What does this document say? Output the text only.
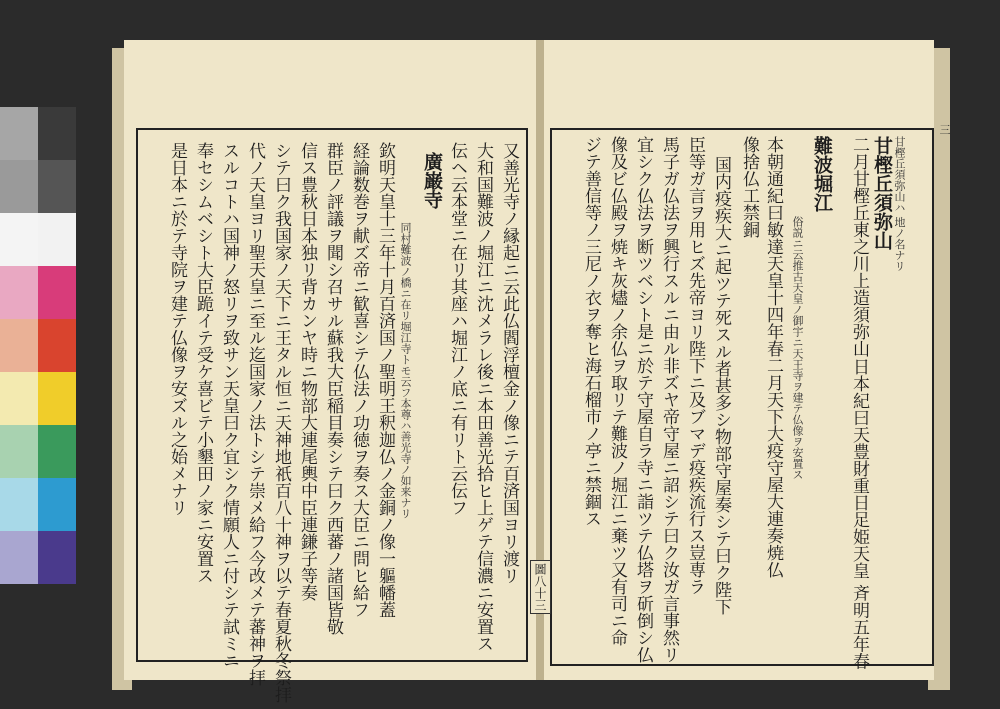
甘樫丘須弥山ハ 地ノ名ナリ
甘樫丘須弥山
二月甘樫丘東之川上造須弥山
日本紀曰天豊財重日足姫天皇 斉明五年春
難波堀江
俗説ニ云推古天皇ノ御宇ニ天王寺ヲ建テ仏像ヲ安置ス
本朝通紀曰敏達天皇十四年春二月天下大疫守屋大連奏焼仏
像捨仏工禁銅
国内疫疾大ニ起ツテ死スル者甚多シ物部守屋奏シテ曰ク陛下
臣等ガ言ヲ用ヒズ先帝ヨリ陛下ニ及ブマデ疫疾流行ス豈専ラ
馬子ガ仏法ヲ興行スルニ由ル非ズヤ帝守屋ニ詔シテ曰ク汝ガ言事然リ
宜シク仏法ヲ断ツベシト是ニ於テ守屋自ラ寺ニ詣ツテ仏塔ヲ斫倒シ仏
像及ビ仏殿ヲ焼キ灰燼ノ余仏ヲ取リテ難波ノ堀江ニ棄ツ又有司ニ命
ジテ善信等ノ三尼ノ衣ヲ奪ヒ海石榴市ノ亭ニ禁錮ス
圖八十三
三
又善光寺ノ縁起ニ云此仏閻浮檀金ノ像ニテ百済国ヨリ渡リ
大和国難波ノ堀江ニ沈メラレ後ニ本田善光拾ヒ上ゲテ信濃ニ安置ス
伝ヘ云本堂ニ在リ其座ハ堀江ノ底ニ有リト云伝フ
廣巌寺
同村難波ノ橋ニ在リ堀江寺トモ云フ本尊ハ善光寺ノ如来ナリ
欽明天皇十三年十月百済国ノ聖明王釈迦仏ノ金銅ノ像一軀幡蓋
経論数巻ヲ献ズ帝ニ歓喜シテ仏法ノ功徳ヲ奏ス大臣ニ問ヒ給フ
群臣ノ評議ヲ聞シ召サル蘇我大臣稲目奏シテ曰ク西蕃ノ諸国皆敬
信ス豊秋日本独リ背カンヤ時ニ物部大連尾輿中臣連鎌子等奏
シテ曰ク我国家ノ天下ニ王タル恒ニ天神地祇百八十神ヲ以テ春夏秋冬祭拝
代ノ天皇ヨリ聖天皇ニ至ル迄国家ノ法トシテ崇メ給フ今改メテ蕃神ヲ拝
スルコトハ国神ノ怒リヲ致サン天皇曰ク宜シク情願人ニ付シテ試ミニ
奉セシムベシト大臣跪イテ受ケ喜ビテ小墾田ノ家ニ安置ス
是日本ニ於テ寺院ヲ建テ仏像ヲ安ズル之始メナリ
